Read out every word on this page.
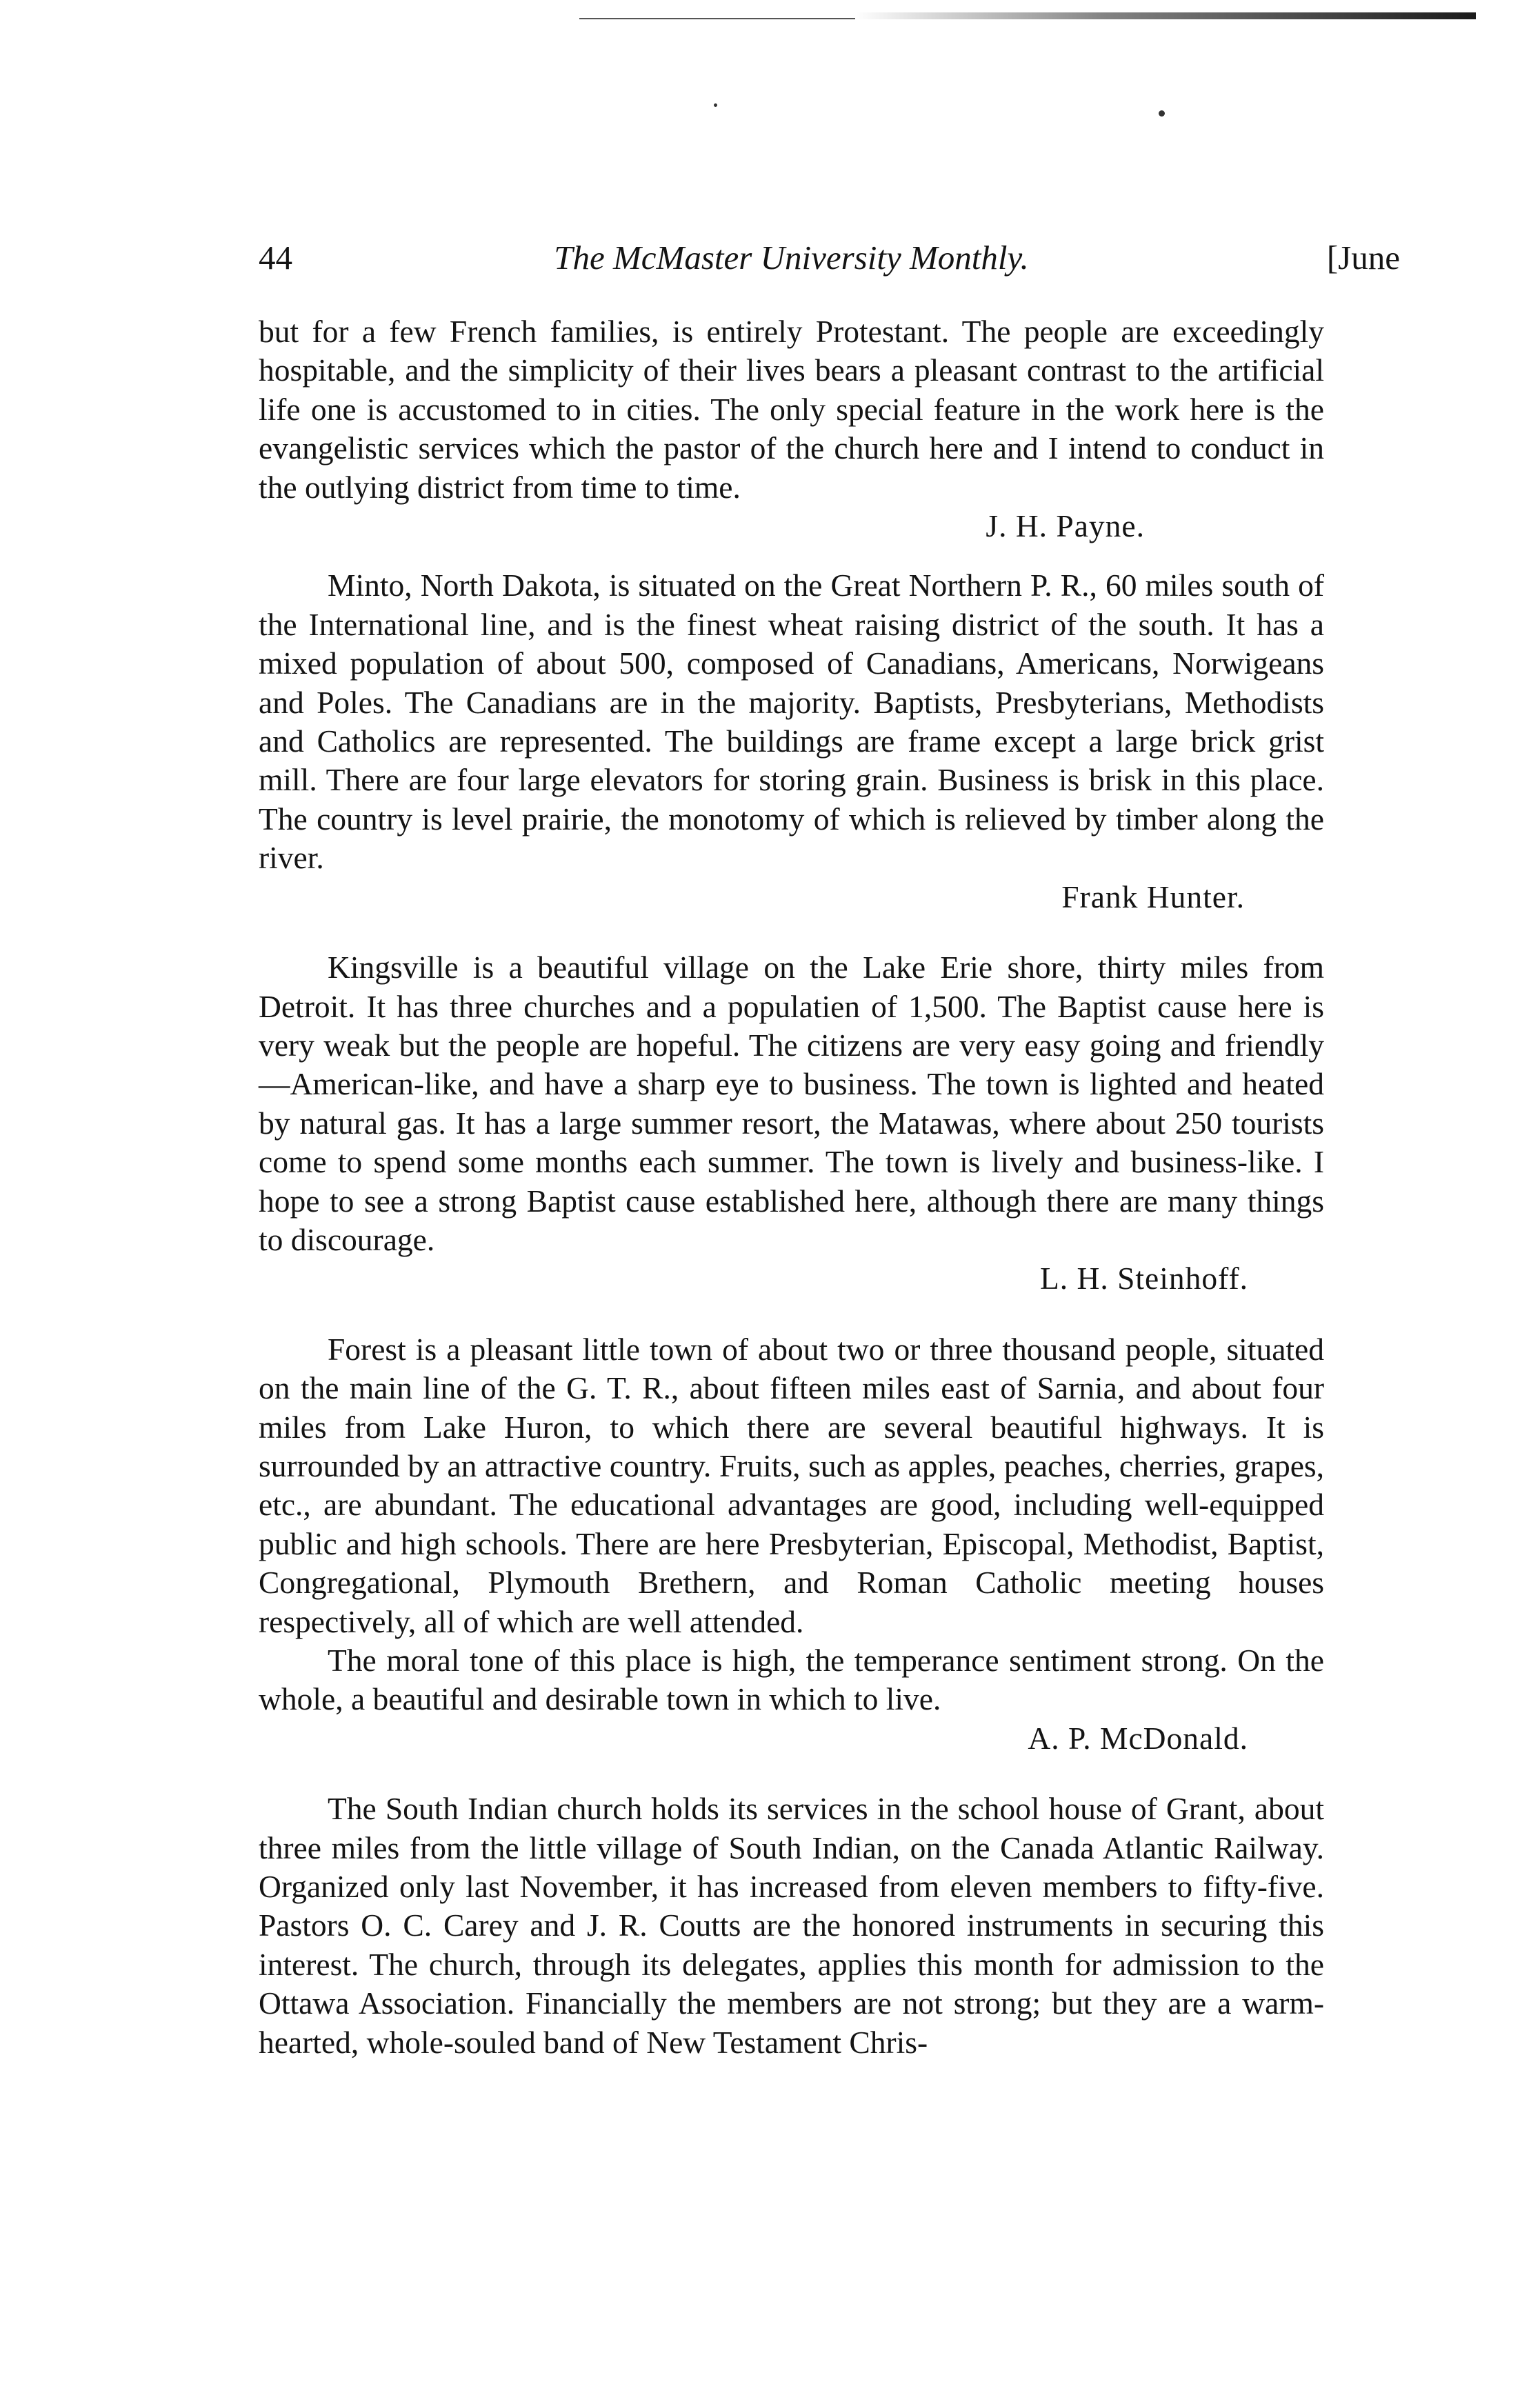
44	The McMaster University Monthly.	[June

but for a few French families, is entirely Protestant. The people are exceedingly hospitable, and the simplicity of their lives bears a pleasant contrast to the artificial life one is accustomed to in cities. The only special feature in the work here is the evangelistic services which the pastor of the church here and I intend to conduct in the outlying district from time to time.

J. H. Payne.

Minto, North Dakota, is situated on the Great Northern P. R., 60 miles south of the International line, and is the finest wheat raising district of the south. It has a mixed population of about 500, composed of Canadians, Americans, Norwigeans and Poles. The Canadians are in the majority. Baptists, Presbyterians, Methodists and Catholics are represented. The buildings are frame except a large brick grist mill. There are four large elevators for storing grain. Business is brisk in this place. The country is level prairie, the monotomy of which is relieved by timber along the river.

Frank Hunter.

Kingsville is a beautiful village on the Lake Erie shore, thirty miles from Detroit. It has three churches and a populatien of 1,500. The Baptist cause here is very weak but the people are hopeful. The citizens are very easy going and friendly—American-like, and have a sharp eye to business. The town is lighted and heated by natural gas. It has a large summer resort, the Matawas, where about 250 tourists come to spend some months each summer. The town is lively and business-like. I hope to see a strong Baptist cause established here, although there are many things to discourage.

L. H. Steinhoff.

Forest is a pleasant little town of about two or three thousand people, situated on the main line of the G. T. R., about fifteen miles east of Sarnia, and about four miles from Lake Huron, to which there are several beautiful highways. It is surrounded by an attractive country. Fruits, such as apples, peaches, cherries, grapes, etc., are abundant. The educational advantages are good, including well-equipped public and high schools. There are here Presbyterian, Episcopal, Methodist, Baptist, Congregational, Plymouth Brethern, and Roman Catholic meeting houses respectively, all of which are well attended.

The moral tone of this place is high, the temperance sentiment strong. On the whole, a beautiful and desirable town in which to live.

A. P. McDonald.

The South Indian church holds its services in the school house of Grant, about three miles from the little village of South Indian, on the Canada Atlantic Railway. Organized only last November, it has increased from eleven members to fifty-five. Pastors O. C. Carey and J. R. Coutts are the honored instruments in securing this interest. The church, through its delegates, applies this month for admission to the Ottawa Association. Financially the members are not strong; but they are a warm-hearted, whole-souled band of New Testament Chris-
